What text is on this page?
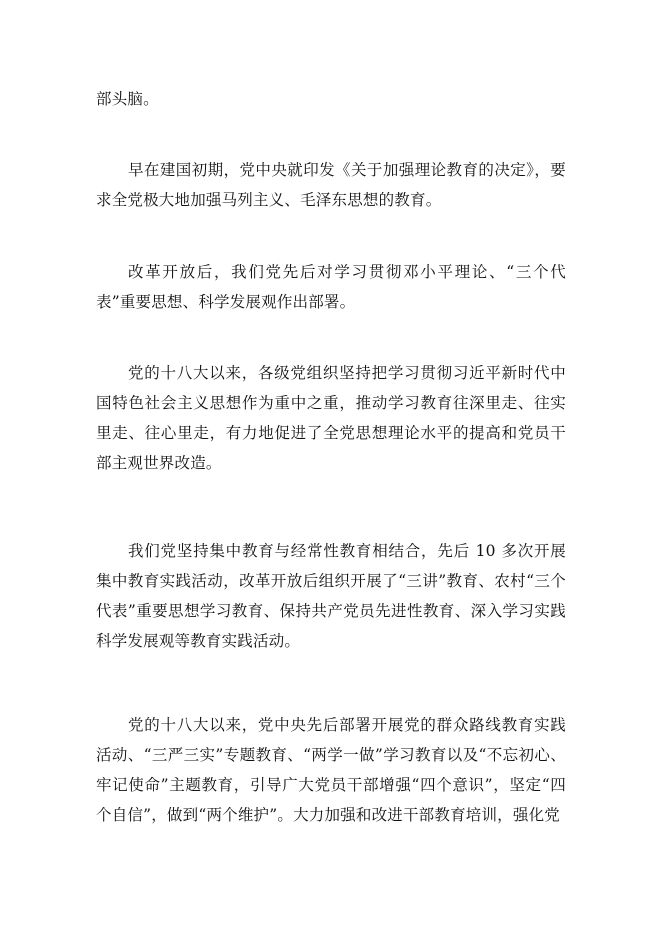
部头脑。

早在建国初期，党中央就印发《关于加强理论教育的决定》，要求全党极大地加强马列主义、毛泽东思想的教育。

改革开放后，我们党先后对学习贯彻邓小平理论、“三个代表”重要思想、科学发展观作出部署。

党的十八大以来，各级党组织坚持把学习贯彻习近平新时代中国特色社会主义思想作为重中之重，推动学习教育往深里走、往实里走、往心里走，有力地促进了全党思想理论水平的提高和党员干部主观世界改造。

我们党坚持集中教育与经常性教育相结合，先后 10 多次开展集中教育实践活动，改革开放后组织开展了“三讲”教育、农村“三个代表”重要思想学习教育、保持共产党员先进性教育、深入学习实践科学发展观等教育实践活动。

党的十八大以来，党中央先后部署开展党的群众路线教育实践活动、“三严三实”专题教育、“两学一做”学习教育以及“不忘初心、牢记使命”主题教育，引导广大党员干部增强“四个意识”，坚定“四个自信”，做到“两个维护”。大力加强和改进干部教育培训，强化党
